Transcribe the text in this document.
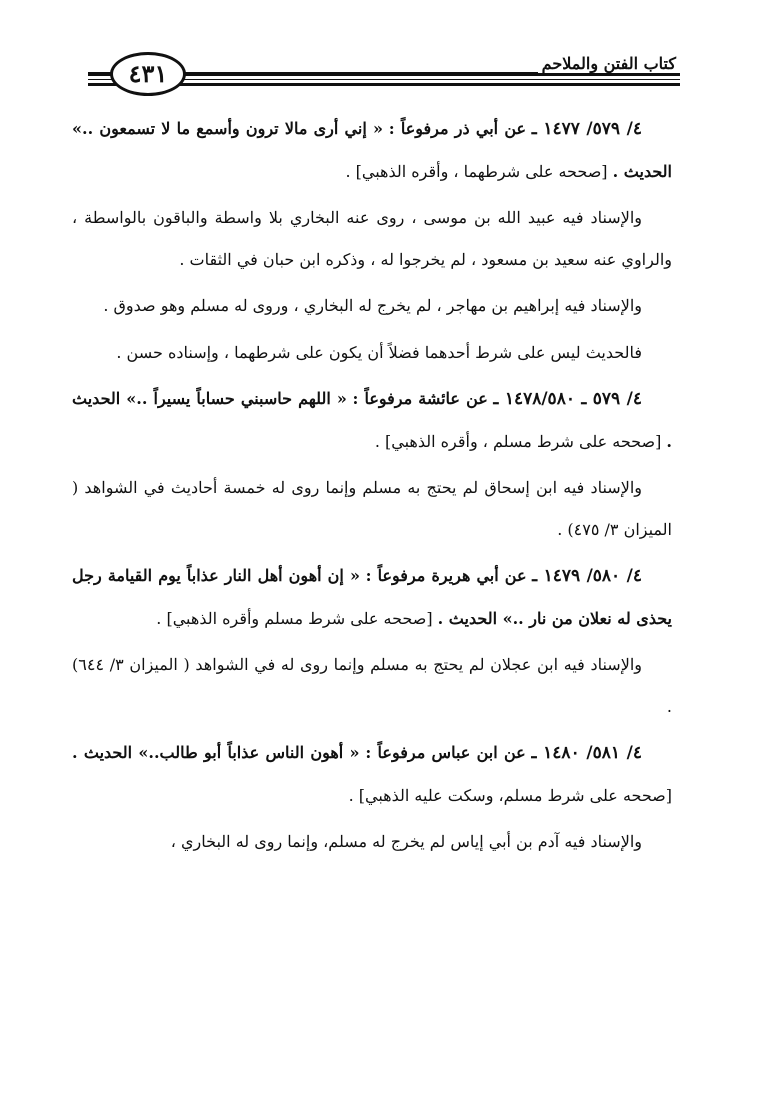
٤٣١	كتاب الفتن والملاحم

٤/ ٥٧٩/ ١٤٧٧ ـ عن أبي ذر مرفوعاً : « إني أرى مالا ترون وأسمع ما لا تسمعون ..» الحديث . [صححه على شرطهما ، وأقره الذهبي] .

والإسناد فيه عبيد الله بن موسى ، روى عنه البخاري بلا واسطة والباقون بالواسطة ، والراوي عنه سعيد بن مسعود ، لم يخرجوا له ، وذكره ابن حبان في الثقات .

والإسناد فيه إبراهيم بن مهاجر ، لم يخرج له البخاري ، وروى له مسلم وهو صدوق .

فالحديث ليس على شرط أحدهما فضلاً أن يكون على شرطهما ، وإسناده حسن .

٤/ ٥٧٩ ـ ١٤٧٨/٥٨٠ ـ عن عائشة مرفوعاً : « اللهم حاسبني حساباً يسيراً ..» الحديث . [صححه على شرط مسلم ، وأقره الذهبي] .

والإسناد فيه ابن إسحاق لم يحتج به مسلم وإنما روى له خمسة أحاديث في الشواهد ( الميزان ٣/ ٤٧٥) .

٤/ ٥٨٠/ ١٤٧٩ ـ عن أبي هريرة مرفوعاً : « إن أهون أهل النار عذاباً يوم القيامة رجل يحذى له نعلان من نار ..» الحديث . [صححه على شرط مسلم وأقره الذهبي] .

والإسناد فيه ابن عجلان لم يحتج به مسلم وإنما روى له في الشواهد ( الميزان ٣/ ٦٤٤) .

٤/ ٥٨١/ ١٤٨٠ ـ عن ابن عباس مرفوعاً : « أهون الناس عذاباً أبو طالب..» الحديث . [صححه على شرط مسلم، وسكت عليه الذهبي] .

والإسناد فيه آدم بن أبي إياس لم يخرج له مسلم، وإنما روى له البخاري ،
